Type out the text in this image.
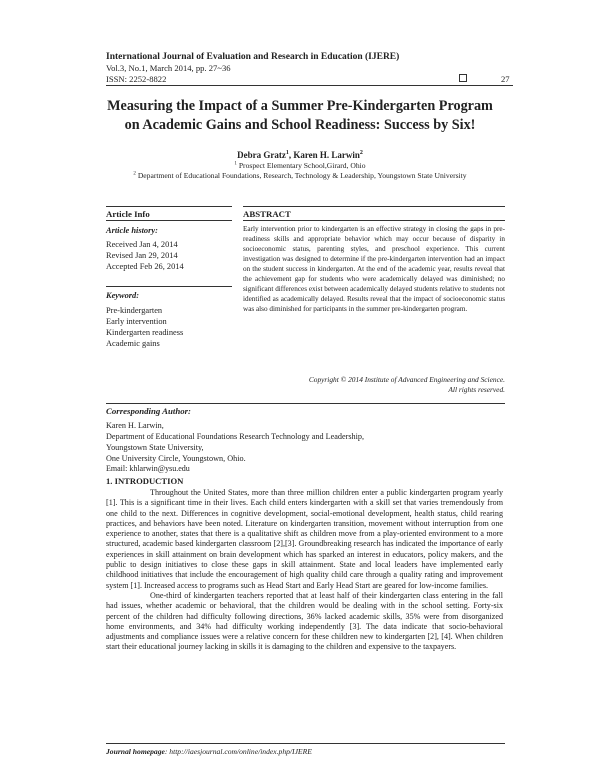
International Journal of Evaluation and Research in Education (IJERE)
Vol.3, No.1, March 2014, pp. 27~36
ISSN: 2252-8822	27
Measuring the Impact of a Summer Pre-Kindergarten Program
on Academic Gains and School Readiness: Success by Six!
Debra Gratz$^1$, Karen H. Larwin$^2$
$^1$ Prospect Elementary School,Girard, Ohio
$^2$ Department of Educational Foundations, Research, Technology & Leadership, Youngstown State University
Article Info
Article history:
Received Jan 4, 2014
Revised Jan 29, 2014
Accepted Feb 26, 2014
Keyword:
Pre-kindergarten
Early intervention
Kindergarten readiness
Academic gains
ABSTRACT
Early intervention prior to kindergarten is an effective strategy in closing the gaps in pre-readiness skills and appropriate behavior which may occur because of disparity in socioeconomic status, parenting styles, and preschool experience. This current investigation was designed to determine if the pre-kindergarten intervention had an impact on the student success in kindergarten. At the end of the academic year, results reveal that the achievement gap for students who were academically delayed was diminished; no significant differences exist between academically delayed students relative to students not identified as academically delayed. Results reveal that the impact of socioeconomic status was also diminished for participants in the summer pre-kindergarten program.
Copyright © 2014 Institute of Advanced Engineering and Science.
All rights reserved.
Corresponding Author:
Karen H. Larwin,
Department of Educational Foundations Research Technology and Leadership,
Youngstown State University,
One University Circle, Youngstown, Ohio.
Email: khlarwin@ysu.edu
1. INTRODUCTION

Throughout the United States, more than three million children enter a public kindergarten program yearly [1]. This is a significant time in their lives. Each child enters kindergarten with a skill set that varies tremendously from one child to the next. Differences in cognitive development, social-emotional development, health status, child rearing practices, and behaviors have been noted. Literature on kindergarten transition, movement without interruption from one experience to another, states that there is a qualitative shift as children move from a play-oriented environment to a more structured, academic based kindergarten classroom [2],[3]. Groundbreaking research has indicated the importance of early experiences in skill attainment on brain development which has sparked an interest in educators, policy makers, and the public to design initiatives to close these gaps in skill attainment. State and local leaders have implemented early childhood initiatives that include the encouragement of high quality child care through a quality rating and improvement system [1]. Increased access to programs such as Head Start and Early Head Start are geared for low-income families.

One-third of kindergarten teachers reported that at least half of their kindergarten class entering in the fall had issues, whether academic or behavioral, that the children would be dealing with in the school setting. Forty-six percent of the children had difficulty following directions, 36% lacked academic skills, 35% were from disorganized home environments, and 34% had difficulty working independently [3]. The data indicate that socio-behavioral adjustments and compliance issues were a relative concern for these children new to kindergarten [2], [4]. When children start their educational journey lacking in skills it is damaging to the children and expensive to the taxpayers.

Journal homepage: http://iaesjournal.com/online/index.php/IJERE
